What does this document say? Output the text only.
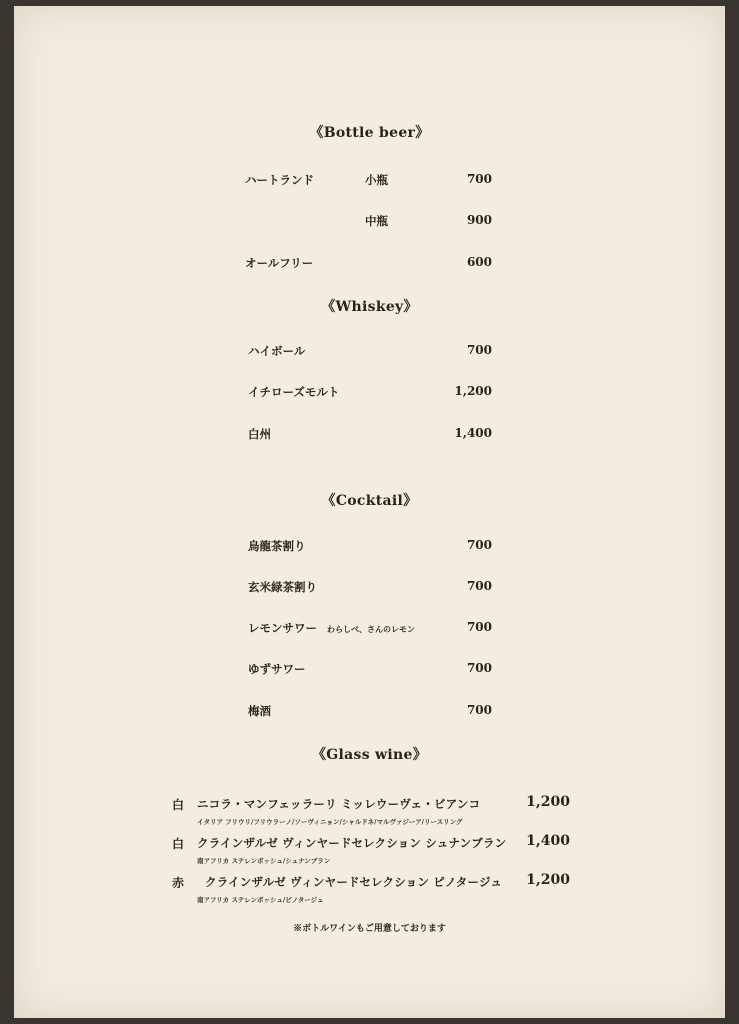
《Bottle beer》
ハートランド	小瓶	700
中瓶	900
オールフリー	600
《Whiskey》
ハイボール	700
イチローズモルト	1,200
白州	1,400
《Cocktail》
烏龍茶割り	700
玄米緑茶割り	700
レモンサワー わらしべ、さんのレモン	700
ゆずサワー	700
梅酒	700
《Glass wine》
白 ニコラ・マンフェッラーリ ミッレウーヴェ・ビアンコ
イタリア フリウリ/フリウラーノ/ソーヴィニョン/シャルドネ/マルヴァジーア/リースリング
1,200
白 クラインザルゼ ヴィンヤードセレクション シュナンブラン
南アフリカ ステレンボッシュ/シュナンブラン
1,400
赤 クラインザルゼ ヴィンヤードセレクション ピノタージュ
南アフリカ ステレンボッシュ/ピノタージュ
1,200
※ボトルワインもご用意しております
